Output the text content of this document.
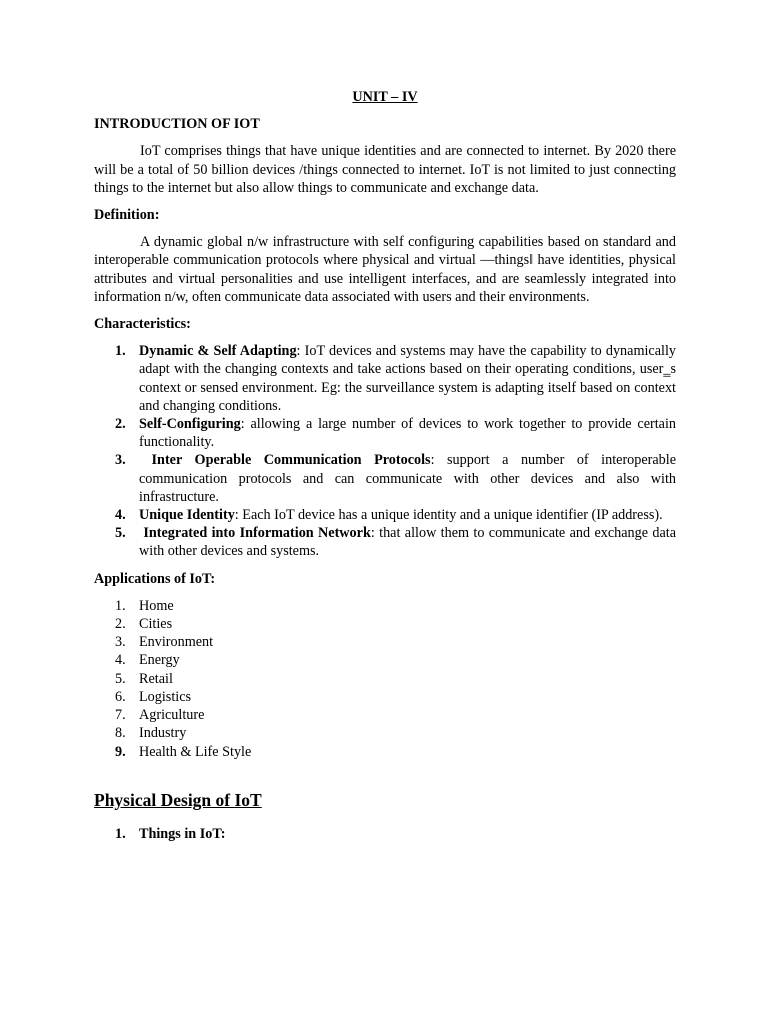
UNIT – IV
INTRODUCTION OF IOT

IoT comprises things that have unique identities and are connected to internet. By 2020 there will be a total of 50 billion devices /things connected to internet. IoT is not limited to just connecting things to the internet but also allow things to communicate and exchange data.

Definition:

A dynamic global n/w infrastructure with self configuring capabilities based on standard and interoperable communication protocols where physical and virtual ―things‖ have identities, physical attributes and virtual personalities and use intelligent interfaces, and are seamlessly integrated into information n/w, often communicate data associated with users and their environments.

Characteristics:
1. Dynamic & Self Adapting: IoT devices and systems may have the capability to dynamically adapt with the changing contexts and take actions based on their operating conditions, user‗s context or sensed environment. Eg: the surveillance system is adapting itself based on context and changing conditions.
2. Self-Configuring: allowing a large number of devices to work together to provide certain functionality.
3. Inter Operable Communication Protocols: support a number of interoperable communication protocols and can communicate with other devices and also with infrastructure.
4. Unique Identity: Each IoT device has a unique identity and a unique identifier (IP address).
5. Integrated into Information Network: that allow them to communicate and exchange data with other devices and systems.
Applications of IoT:
1. Home
2. Cities
3. Environment
4. Energy
5. Retail
6. Logistics
7. Agriculture
8. Industry
9. Health & Life Style
Physical Design of IoT
1. Things in IoT:
